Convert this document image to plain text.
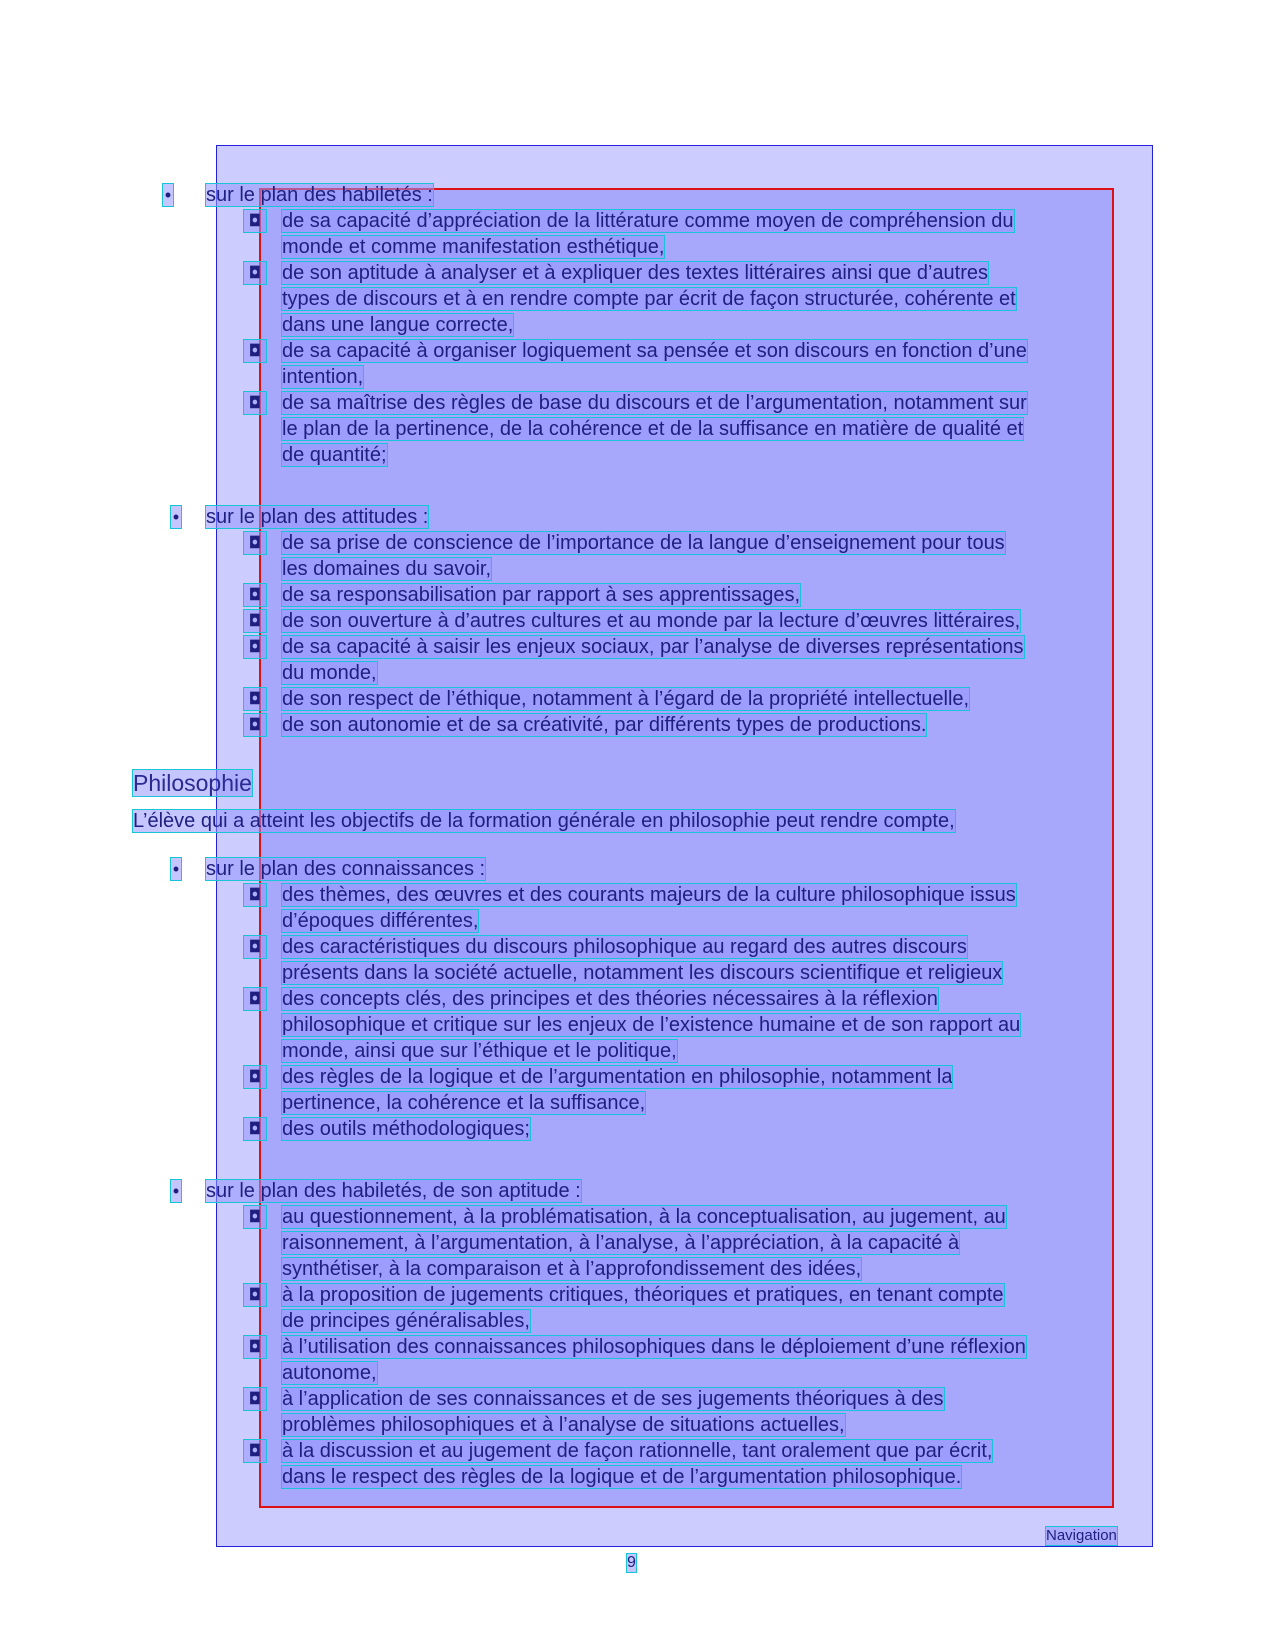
• sur le plan des habiletés :
◘ de sa capacité d’appréciation de la littérature comme moyen de compréhension du
monde et comme manifestation esthétique,
◘ de son aptitude à analyser et à expliquer des textes littéraires ainsi que d’autres
types de discours et à en rendre compte par écrit de façon structurée, cohérente et
dans une langue correcte,
◘ de sa capacité à organiser logiquement sa pensée et son discours en fonction d’une
intention,
◘ de sa maîtrise des règles de base du discours et de l’argumentation, notamment sur
le plan de la pertinence, de la cohérence et de la suffisance en matière de qualité et
de quantité;
• sur le plan des attitudes :
◘ de sa prise de conscience de l’importance de la langue d’enseignement pour tous
les domaines du savoir,
◘ de sa responsabilisation par rapport à ses apprentissages,
◘ de son ouverture à d’autres cultures et au monde par la lecture d’œuvres littéraires,
◘ de sa capacité à saisir les enjeux sociaux, par l’analyse de diverses représentations
du monde,
◘ de son respect de l’éthique, notamment à l’égard de la propriété intellectuelle,
◘ de son autonomie et de sa créativité, par différents types de productions.
Philosophie
L’élève qui a atteint les objectifs de la formation générale en philosophie peut rendre compte,
• sur le plan des connaissances :
◘ des thèmes, des œuvres et des courants majeurs de la culture philosophique issus
d’époques différentes,
◘ des caractéristiques du discours philosophique au regard des autres discours
présents dans la société actuelle, notamment les discours scientifique et religieux
◘ des concepts clés, des principes et des théories nécessaires à la réflexion
philosophique et critique sur les enjeux de l’existence humaine et de son rapport au
monde, ainsi que sur l’éthique et le politique,
◘ des règles de la logique et de l’argumentation en philosophie, notamment la
pertinence, la cohérence et la suffisance,
◘ des outils méthodologiques;
• sur le plan des habiletés, de son aptitude :
◘ au questionnement, à la problématisation, à la conceptualisation, au jugement, au
raisonnement, à l’argumentation, à l’analyse, à l’appréciation, à la capacité à
synthétiser, à la comparaison et à l’approfondissement des idées,
◘ à la proposition de jugements critiques, théoriques et pratiques, en tenant compte
de principes généralisables,
◘ à l’utilisation des connaissances philosophiques dans le déploiement d’une réflexion
autonome,
◘ à l’application de ses connaissances et de ses jugements théoriques à des
problèmes philosophiques et à l’analyse de situations actuelles,
◘ à la discussion et au jugement de façon rationnelle, tant oralement que par écrit,
dans le respect des règles de la logique et de l’argumentation philosophique.
Navigation
9
